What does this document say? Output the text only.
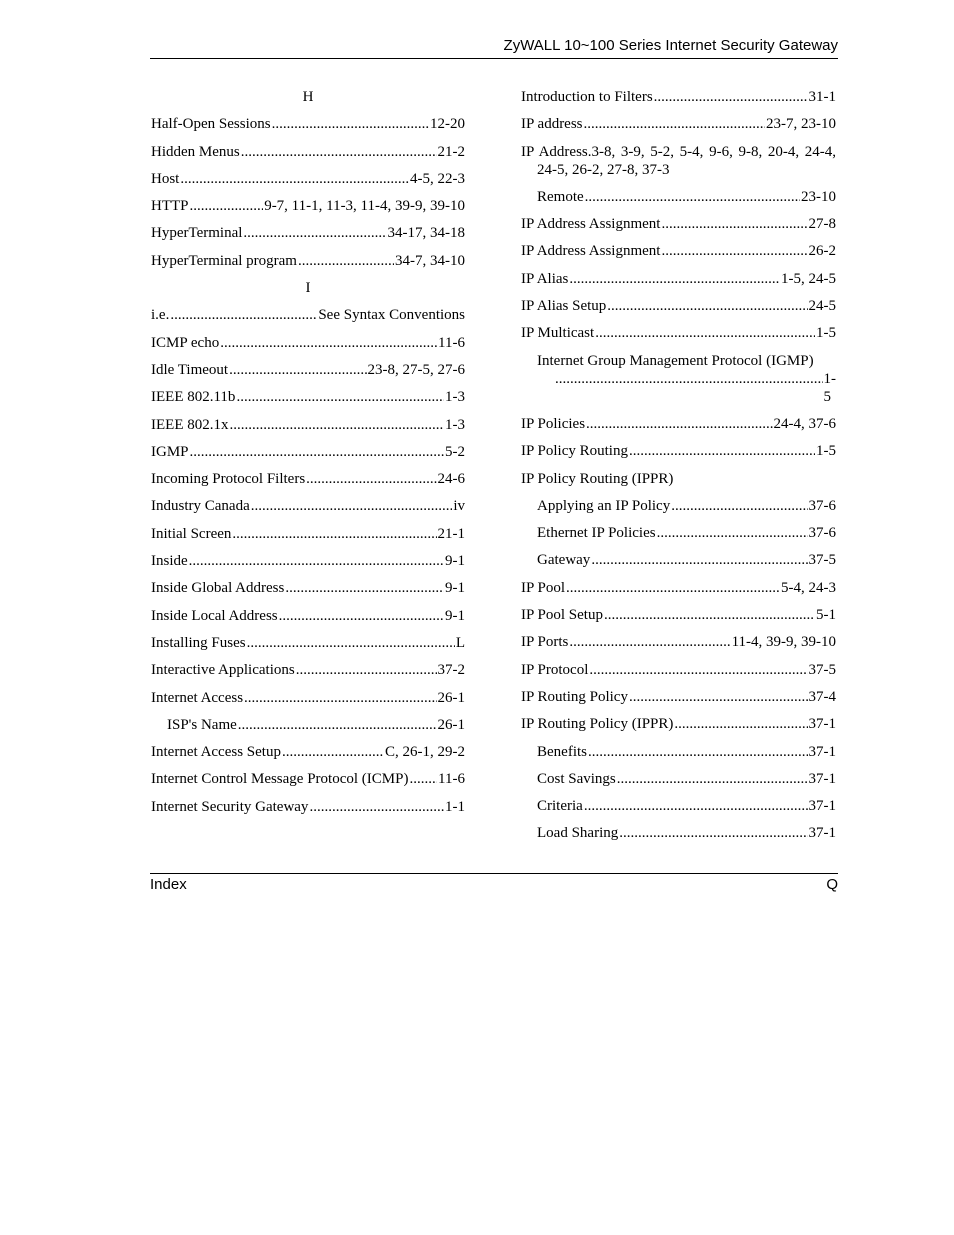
ZyWALL 10~100 Series Internet Security Gateway
H
Half-Open Sessions .....	12-20
Hidden Menus .....	21-2
Host .....	4-5, 22-3
HTTP .....	9-7, 11-1, 11-3, 11-4, 39-9, 39-10
HyperTerminal .....	34-17, 34-18
HyperTerminal program .....	34-7, 34-10
I
i.e. .....	See Syntax Conventions
ICMP echo .....	11-6
Idle Timeout .....	23-8, 27-5, 27-6
IEEE 802.11b .....	1-3
IEEE 802.1x .....	1-3
IGMP .....	5-2
Incoming Protocol Filters .....	24-6
Industry Canada .....	iv
Initial Screen .....	21-1
Inside .....	9-1
Inside Global Address .....	9-1
Inside Local Address .....	9-1
Installing Fuses .....	L
Interactive Applications .....	37-2
Internet Access .....	26-1
ISP's Name .....	26-1
Internet Access Setup .....	C, 26-1, 29-2
Internet Control Message Protocol (ICMP) ..... 11-6
Internet Security Gateway .....	1-1
Introduction to Filters .....	31-1
IP address .....	23-7, 23-10
IP Address.3-8, 3-9, 5-2, 5-4, 9-6, 9-8, 20-4, 24-4,
24-5, 26-2, 27-8, 37-3
Remote .....	23-10
IP Address Assignment .....	27-8
IP Address Assignment .....	26-2
IP Alias .....	1-5, 24-5
IP Alias Setup .....	24-5
IP Multicast .....	1-5
Internet Group Management Protocol (IGMP)
.....
1-5
IP Policies .....	24-4, 37-6
IP Policy Routing .....	1-5
IP Policy Routing (IPPR)
Applying an IP Policy .....	37-6
Ethernet IP Policies .....	37-6
Gateway .....	37-5
IP Pool .....	5-4, 24-3
IP Pool Setup .....	5-1
IP Ports .....	11-4, 39-9, 39-10
IP Protocol .....	37-5
IP Routing Policy .....	37-4
IP Routing Policy (IPPR) .....	37-1
Benefits .....	37-1
Cost Savings .....	37-1
Criteria .....	37-1
Load Sharing .....	37-1
Index	Q
